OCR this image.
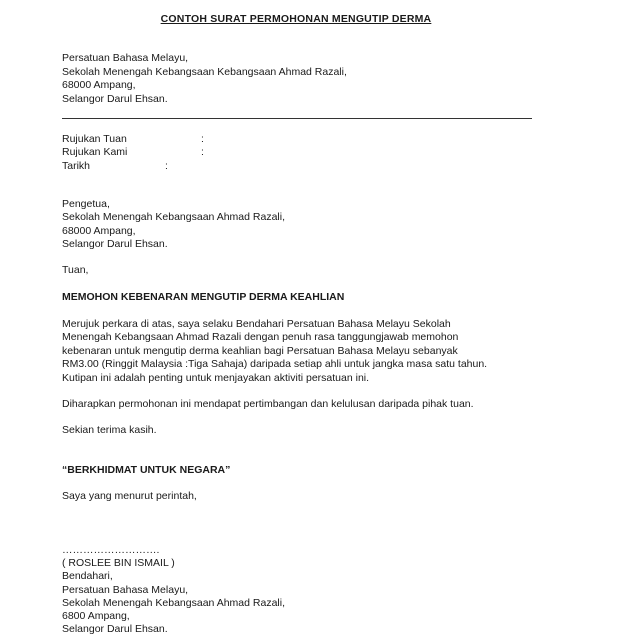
CONTOH SURAT PERMOHONAN MENGUTIP DERMA
Persatuan Bahasa Melayu,
Sekolah Menengah Kebangsaan Kebangsaan Ahmad Razali,
68000 Ampang,
Selangor Darul Ehsan.
Rujukan Tuan	:
Rujukan Kami	:
Tarikh	:
Pengetua,
Sekolah Menengah Kebangsaan Ahmad Razali,
68000 Ampang,
Selangor Darul Ehsan.
Tuan,
MEMOHON KEBENARAN MENGUTIP DERMA KEAHLIAN
Merujuk perkara di atas, saya selaku Bendahari Persatuan Bahasa Melayu Sekolah
Menengah Kebangsaan Ahmad Razali dengan penuh rasa tanggungjawab memohon
kebenaran untuk mengutip derma keahlian bagi Persatuan Bahasa Melayu sebanyak
RM3.00 (Ringgit Malaysia :Tiga Sahaja) daripada setiap ahli untuk jangka masa satu tahun.
Kutipan ini adalah penting untuk menjayakan aktiviti persatuan ini.
Diharapkan permohonan ini mendapat pertimbangan dan kelulusan daripada pihak tuan.
Sekian terima kasih.
“BERKHIDMAT UNTUK NEGARA”
Saya yang menurut perintah,
……………………….
( ROSLEE BIN ISMAIL )
Bendahari,
Persatuan Bahasa Melayu,
Sekolah Menengah Kebangsaan Ahmad Razali,
6800 Ampang,
Selangor Darul Ehsan.
